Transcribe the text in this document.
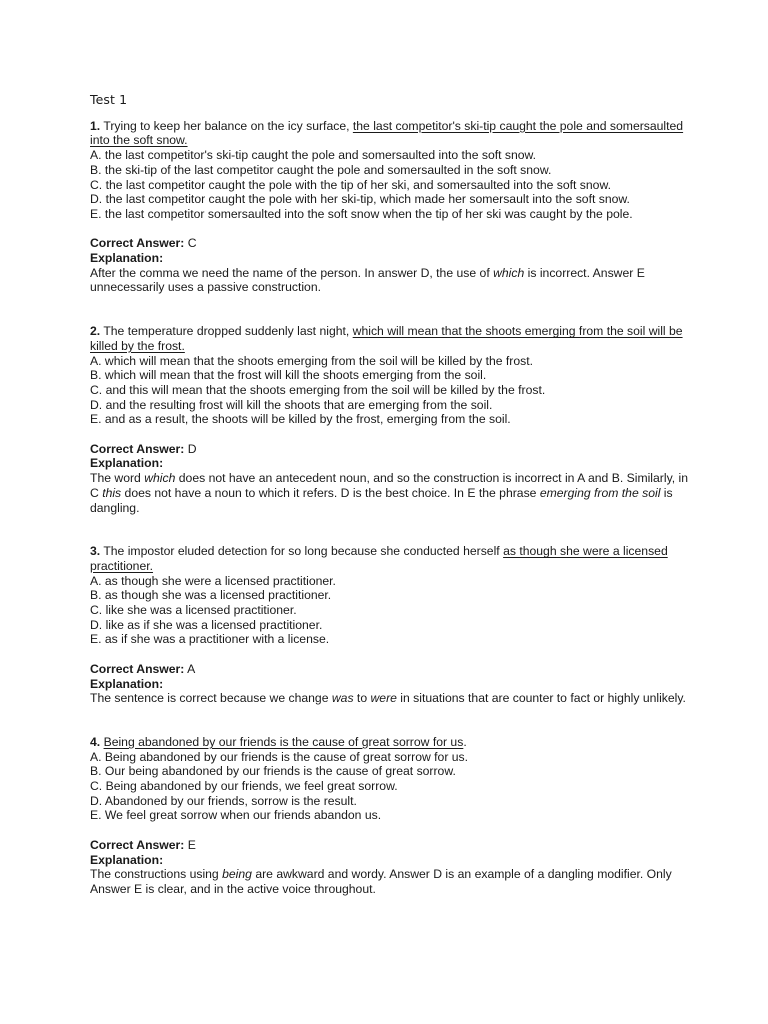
Test 1

1. Trying to keep her balance on the icy surface, the last competitor's ski-tip caught the pole and somersaulted into the soft snow.

A. the last competitor's ski-tip caught the pole and somersaulted into the soft snow.
B. the ski-tip of the last competitor caught the pole and somersaulted in the soft snow.
C. the last competitor caught the pole with the tip of her ski, and somersaulted into the soft snow.
D. the last competitor caught the pole with her ski-tip, which made her somersault into the soft snow.
E. the last competitor somersaulted into the soft snow when the tip of her ski was caught by the pole.

Correct Answer: C

Explanation:

After the comma we need the name of the person. In answer D, the use of which is incorrect. Answer E unnecessarily uses a passive construction.

2. The temperature dropped suddenly last night, which will mean that the shoots emerging from the soil will be killed by the frost.

A. which will mean that the shoots emerging from the soil will be killed by the frost.
B. which will mean that the frost will kill the shoots emerging from the soil.
C. and this will mean that the shoots emerging from the soil will be killed by the frost.
D. and the resulting frost will kill the shoots that are emerging from the soil.
E. and as a result, the shoots will be killed by the frost, emerging from the soil.

Correct Answer: D

Explanation:

The word which does not have an antecedent noun, and so the construction is incorrect in A and B. Similarly, in C this does not have a noun to which it refers. D is the best choice. In E the phrase emerging from the soil is dangling.

3. The impostor eluded detection for so long because she conducted herself as though she were a licensed practitioner.

A. as though she were a licensed practitioner.
B. as though she was a licensed practitioner.
C. like she was a licensed practitioner.
D. like as if she was a licensed practitioner.
E. as if she was a practitioner with a license.

Correct Answer: A

Explanation:

The sentence is correct because we change was to were in situations that are counter to fact or highly unlikely.

4. Being abandoned by our friends is the cause of great sorrow for us.

A. Being abandoned by our friends is the cause of great sorrow for us.
B. Our being abandoned by our friends is the cause of great sorrow.
C. Being abandoned by our friends, we feel great sorrow.
D. Abandoned by our friends, sorrow is the result.
E. We feel great sorrow when our friends abandon us.

Correct Answer: E

Explanation:

The constructions using being are awkward and wordy. Answer D is an example of a dangling modifier. Only Answer E is clear, and in the active voice throughout.
